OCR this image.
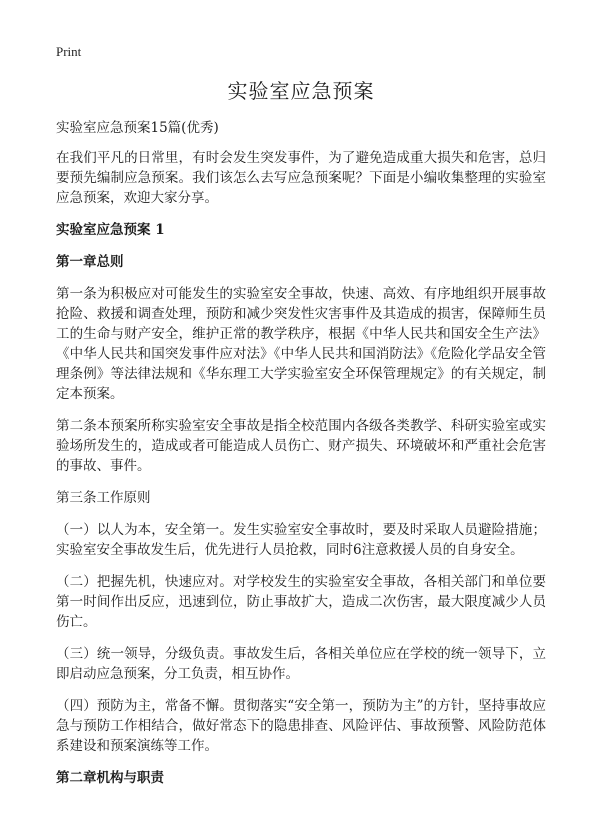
Print
实验室应急预案
实验室应急预案15篇(优秀)

在我们平凡的日常里，有时会发生突发事件，为了避免造成重大损失和危害，总归要预先编制应急预案。我们该怎么去写应急预案呢？下面是小编收集整理的实验室应急预案，欢迎大家分享。

实验室应急预案 1
第一章总则

第一条为积极应对可能发生的实验室安全事故，快速、高效、有序地组织开展事故抢险、救援和调查处理，预防和减少突发性灾害事件及其造成的损害，保障师生员工的生命与财产安全，维护正常的教学秩序，根据《中华人民共和国安全生产法》《中华人民共和国突发事件应对法》《中华人民共和国消防法》《危险化学品安全管理条例》等法律法规和《华东理工大学实验室安全环保管理规定》的有关规定，制定本预案。

第二条本预案所称实验室安全事故是指全校范围内各级各类教学、科研实验室或实验场所发生的，造成或者可能造成人员伤亡、财产损失、环境破坏和严重社会危害的事故、事件。

第三条工作原则

（一）以人为本，安全第一。发生实验室安全事故时，要及时采取人员避险措施；实验室安全事故发生后，优先进行人员抢救，同时6注意救援人员的自身安全。

（二）把握先机，快速应对。对学校发生的实验室安全事故，各相关部门和单位要第一时间作出反应，迅速到位，防止事故扩大，造成二次伤害，最大限度减少人员伤亡。

（三）统一领导，分级负责。事故发生后，各相关单位应在学校的统一领导下，立即启动应急预案，分工负责，相互协作。

（四）预防为主，常备不懈。贯彻落实“安全第一，预防为主”的方针，坚持事故应急与预防工作相结合，做好常态下的隐患排查、风险评估、事故预警、风险防范体系建设和预案演练等工作。

第二章机构与职责
